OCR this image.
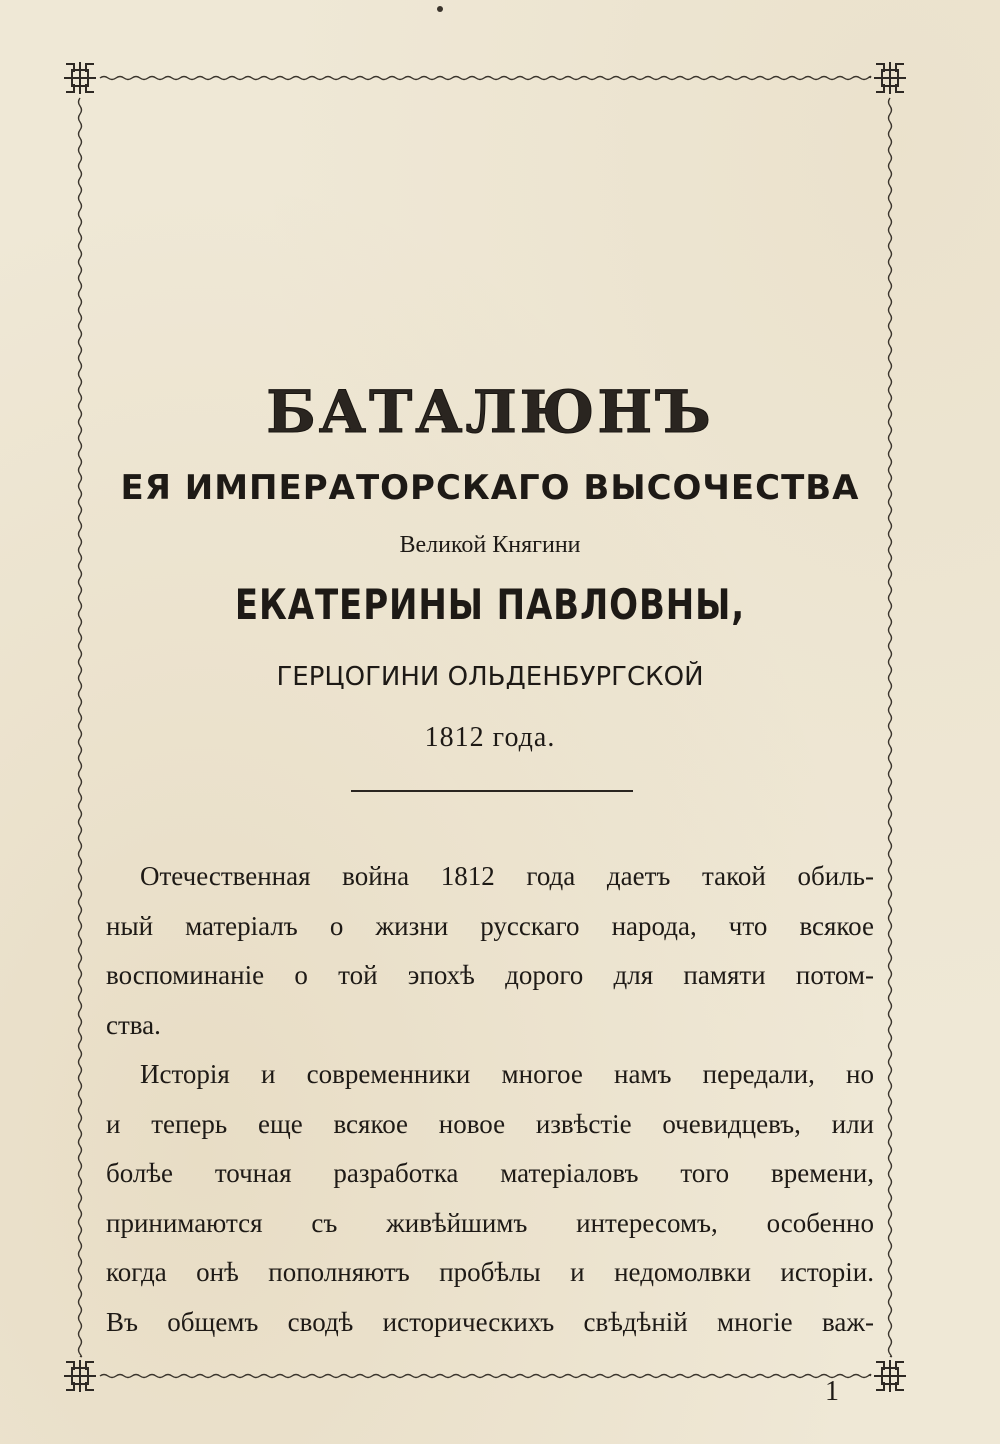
БАТАЛЮНЪ
ЕЯ ИМПЕРАТОРСКАГО ВЫСОЧЕСТВА
Великой Княгини
ЕКАТЕРИНЫ ПАВЛОВНЫ,
ГЕРЦОГИНИ ОЛЬДЕНБУРГСКОЙ
1812 года.

Отечественная война 1812 года даетъ такой обиль-
ный матеріалъ о жизни русскаго народа, что всякое
воспоминаніе о той эпохѣ дорого для памяти потом-

ства.

Исторія и современники многое намъ передали, но
и теперь еще всякое новое извѣстіе очевидцевъ, или
болѣе точная разработка матеріаловъ того времени,
принимаются съ живѣйшимъ интересомъ, особенно
когда онѣ пополняютъ пробѣлы и недомолвки исторіи.
Въ общемъ сводѣ историческихъ свѣдѣній многіе важ-

1
